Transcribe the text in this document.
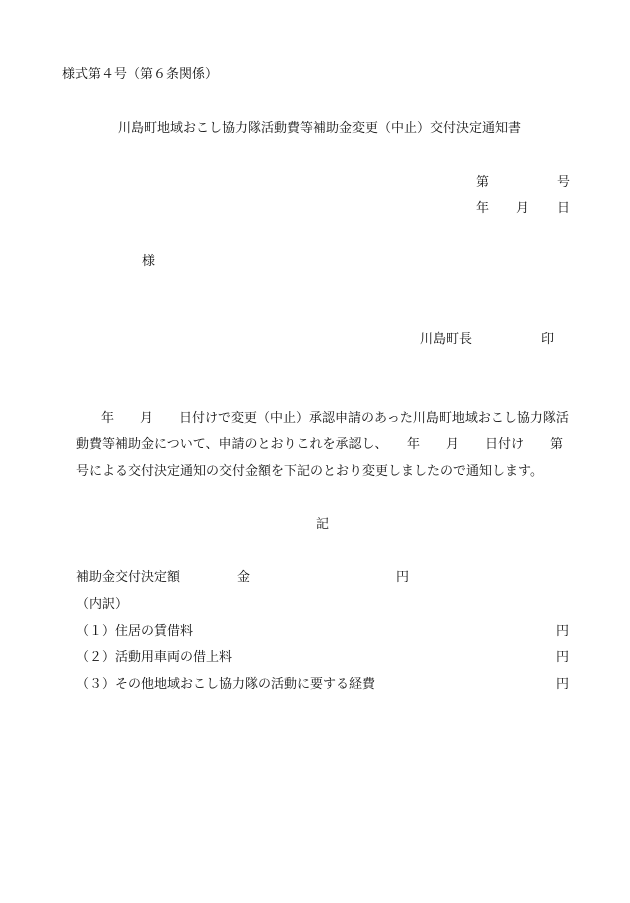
様式第４号（第６条関係）
川島町地域おこし協力隊活動費等補助金変更（中止）交付決定通知書
第	号
年 月 日
様
川島町長	印
年　　月　　日付けで変更（中止）承認申請のあった川島町地域おこし協力隊活
動費等補助金について、申請のとおりこれを承認し、　　年　　月　　日付け　　第
号による交付決定通知の交付金額を下記のとおり変更しましたので通知します。
記
補助金交付決定額	金	円
（内訳）
（１）住居の賃借料	円
（２）活動用車両の借上料	円
（３）その他地域おこし協力隊の活動に要する経費	円
